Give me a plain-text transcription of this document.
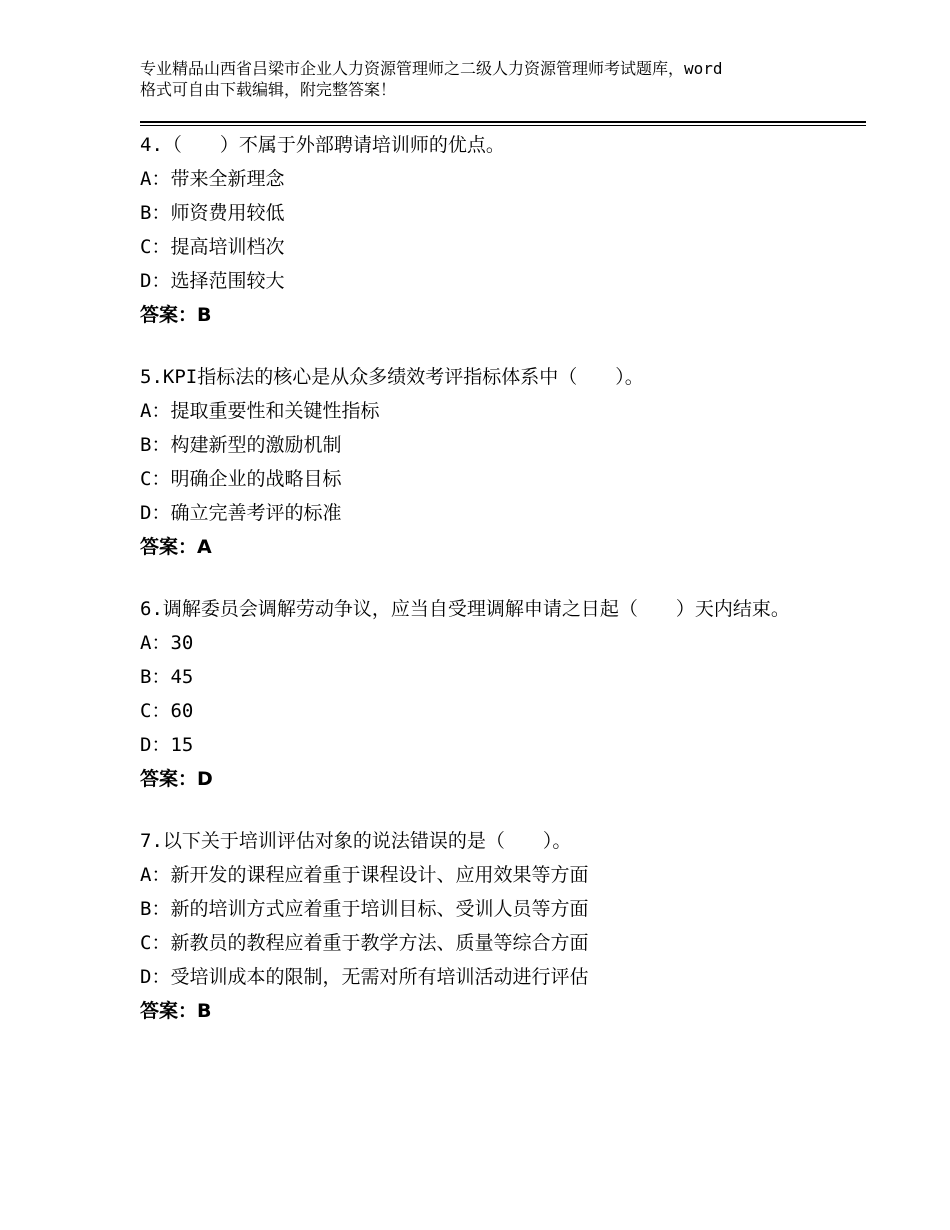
专业精品山西省吕梁市企业人力资源管理师之二级人力资源管理师考试题库，word
格式可自由下载编辑，附完整答案！
4.（　　）不属于外部聘请培训师的优点。
A：带来全新理念
B：师资费用较低
C：提高培训档次
D：选择范围较大
答案：B
5.KPI指标法的核心是从众多绩效考评指标体系中（　　）。
A：提取重要性和关键性指标
B：构建新型的激励机制
C：明确企业的战略目标
D：确立完善考评的标准
答案：A
6.调解委员会调解劳动争议，应当自受理调解申请之日起（　　）天内结束。
A：30
B：45
C：60
D：15
答案：D
7.以下关于培训评估对象的说法错误的是（　　）。
A：新开发的课程应着重于课程设计、应用效果等方面
B：新的培训方式应着重于培训目标、受训人员等方面
C：新教员的教程应着重于教学方法、质量等综合方面
D：受培训成本的限制，无需对所有培训活动进行评估
答案：B
